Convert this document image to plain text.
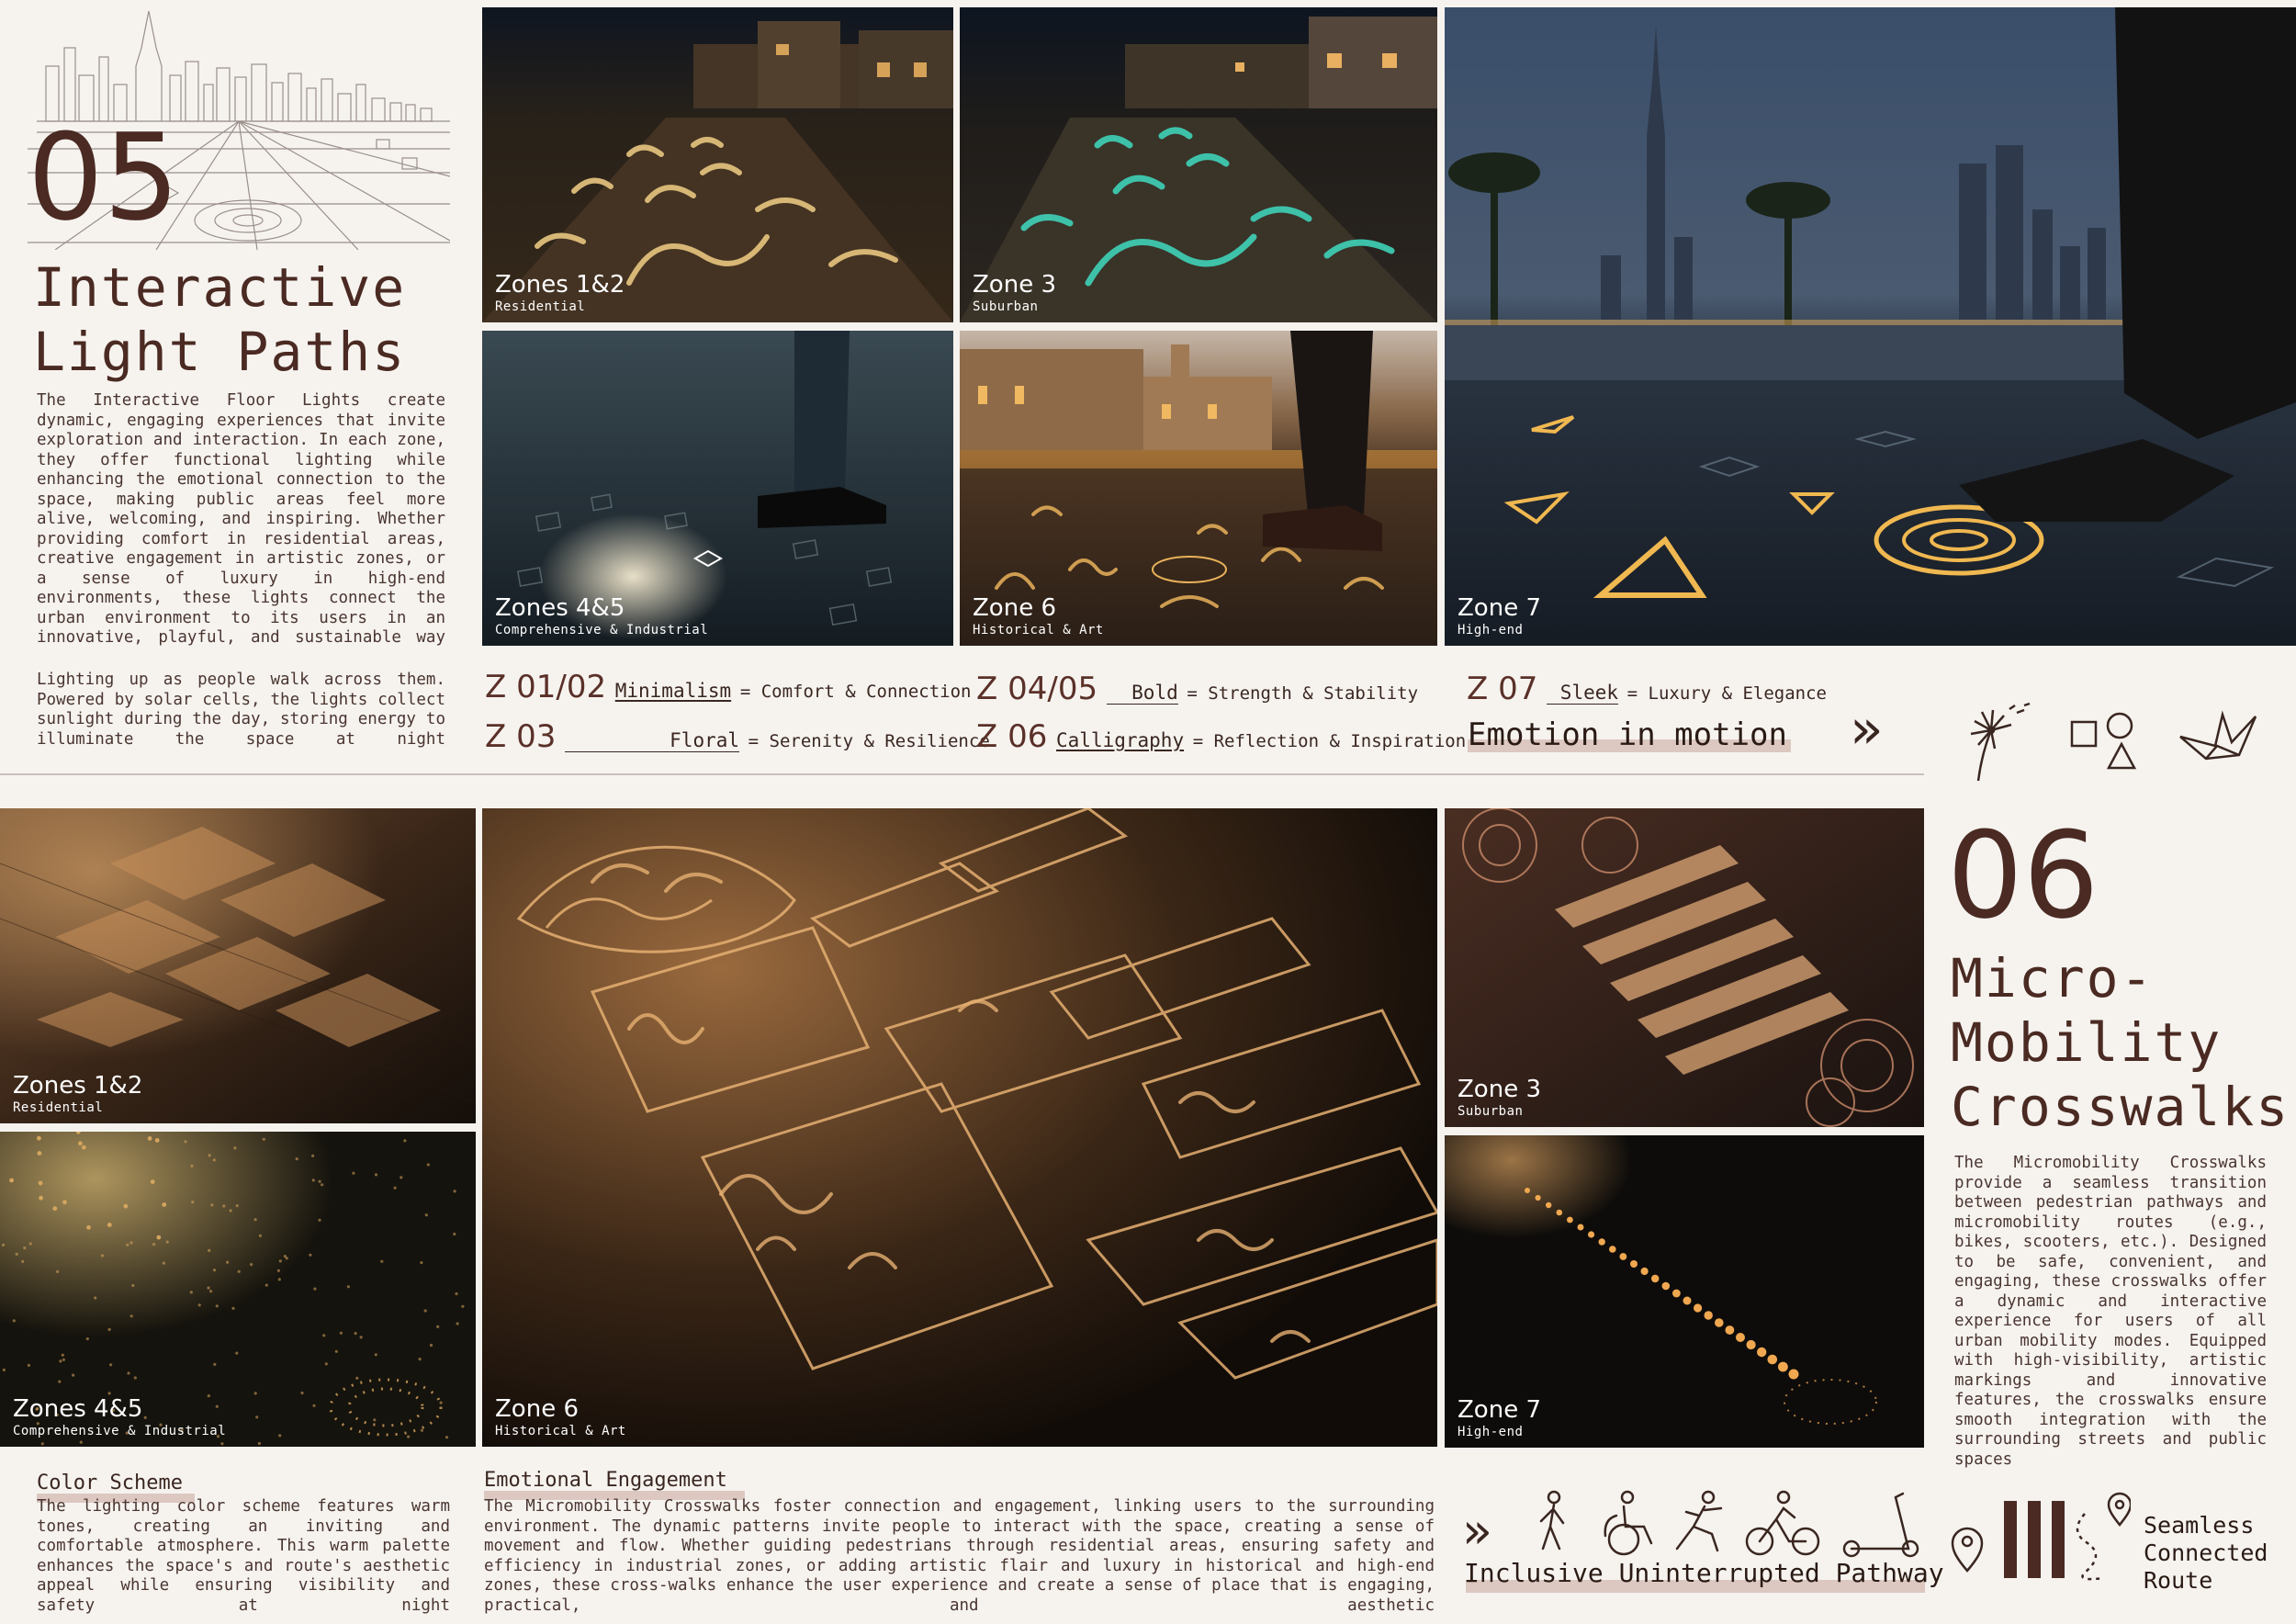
05
Interactive
Light Paths
The Interactive Floor Lights create dynamic, engaging experiences that invite exploration and interaction. In each zone, they offer functional lighting while enhancing the emotional connection to the space, making public areas feel more alive, welcoming, and inspiring. Whether providing comfort in residential areas, creative engagement in artistic zones, or a sense of luxury in high-end environments, these lights connect the urban environment to its users in an innovative, playful, and sustainable way
Lighting up as people walk across them. Powered by solar cells, the lights collect sunlight during the day, storing energy to illuminate the space at night
Zones 1&2
Residential
Zone 3
Suburban
Zones 4&5
Comprehensive & Industrial
Zone 6
Historical & Art
Zone 7
High-end
Z 01/02 Minimalism = Comfort & Connection
Z 03	Floral = Serenity & Resilience
Z 04/05 Bold = Strength & Stability
Z 06 Calligraphy = Reflection & Inspiration
Z 07 Sleek = Luxury & Elegance
Emotion in motion »
Zones 1&2
Residential
Zones 4&5
Comprehensive & Industrial
Zone 6
Historical & Art
Zone 3
Suburban
Zone 7
High-end
06
Micro-
Mobility
Crosswalks
The Micromobility Crosswalks provide a seamless transition between pedestrian pathways and micromobility routes (e.g., bikes, scooters, etc.). Designed to be safe, convenient, and engaging, these crosswalks offer a dynamic and interactive experience for users of all urban mobility modes. Equipped with high-visibility, artistic markings and innovative features, the crosswalks ensure smooth integration with the surrounding streets and public spaces
Color Scheme
The lighting color scheme features warm tones, creating an inviting and comfortable atmosphere. This warm palette enhances the space's and route's aesthetic appeal while ensuring visibility and safety at night
Emotional Engagement
The Micromobility Crosswalks foster connection and engagement, linking users to the surrounding environment. The dynamic patterns invite people to interact with the space, creating a sense of movement and flow. Whether guiding pedestrians through residential areas, ensuring safety and efficiency in industrial zones, or adding artistic flair and luxury in historical and high-end zones, these cross-walks enhance the user experience and create a sense of place that is engaging, practical, and aesthetic
»
Inclusive Uninterrupted Pathway
Seamless
Connected
Route
